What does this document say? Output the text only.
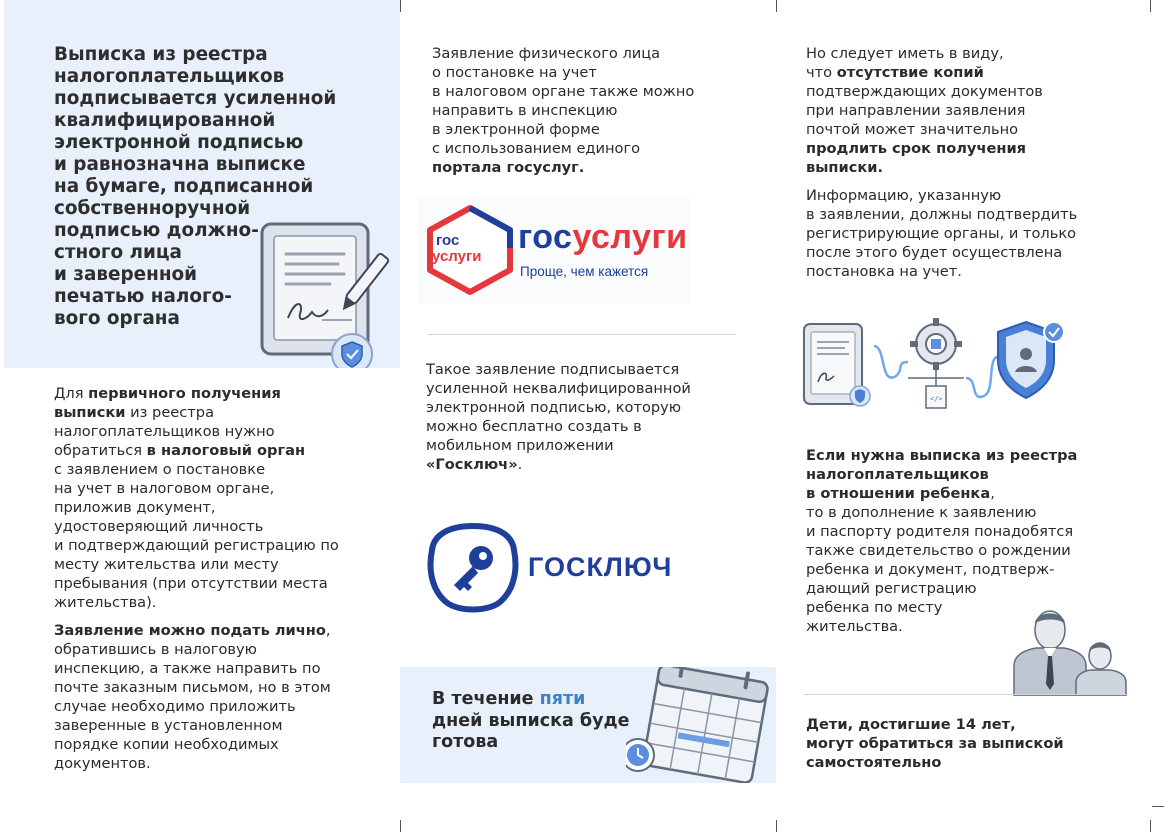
Выписка из реестра
налогоплательщиков
подписывается усиленной
квалифицированной
электронной подписью
и равнозначна выписке
на бумаге, подписанной
собственноручной
подписью должно-
стного лица
и заверенной
печатью налого-
вого органа

Для первичного получения
выписки из реестра
налогоплательщиков нужно
обратиться в налоговый орган
с заявлением о постановке
на учет в налоговом органе,
приложив документ,
удостоверяющий личность
и подтверждающий регистрацию по
месту жительства или месту
пребывания (при отсутствии места
жительства).

Заявление можно подать лично,
обратившись в налоговую
инспекцию, а также направить по
почте заказным письмом, но в этом
случае необходимо приложить
заверенные в установленном
порядке копии необходимых
документов.

Заявление физического лица
о постановке на учет
в налоговом органе также можно
направить в инспекцию
в электронной форме
с использованием единого
портала госуслуг.

гос
услуги
госуслуги
Проще, чем кажется

Такое заявление подписывается
усиленной неквалифицированной
электронной подписью, которую
можно бесплатно создать в
мобильном приложении
«Госключ».

ГОСКЛЮЧ
В течение пяти
дней выписка буде
готова

Но следует иметь в виду,
что отсутствие копий
подтверждающих документов
при направлении заявления
почтой может значительно
продлить срок получения
выписки.

Информацию, указанную
в заявлении, должны подтвердить
регистрирующие органы, и только
после этого будет осуществлена
постановка на учет.

</>

Если нужна выписка из реестра
налогоплательщиков
в отношении ребенка,
то в дополнение к заявлению
и паспорту родителя понадобятся
также свидетельство о рождении
ребенка и документ, подтверж-
дающий регистрацию
ребенка по месту
жительства.

Дети, достигшие 14 лет,
могут обратиться за выпиской
самостоятельно
